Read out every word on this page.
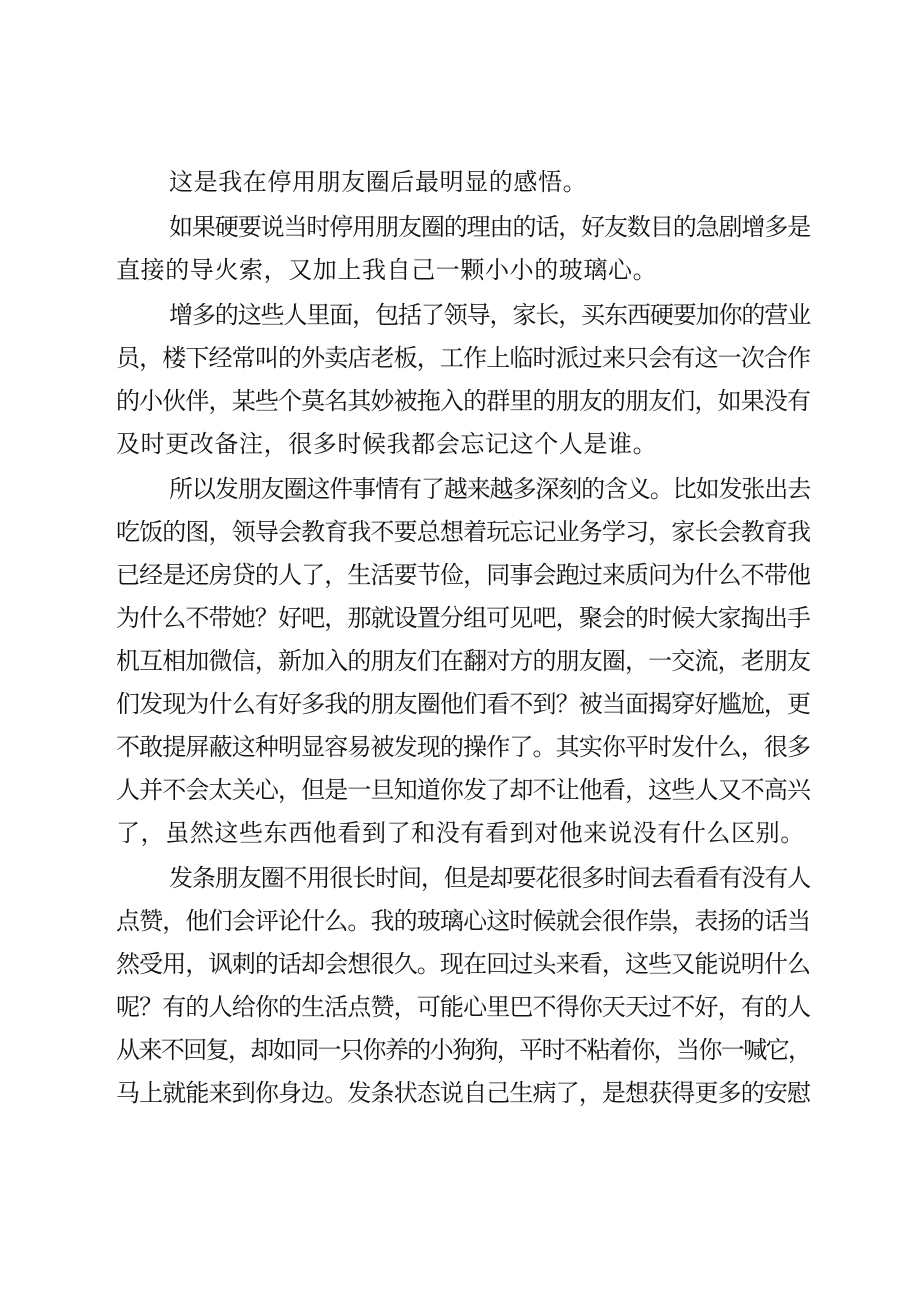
这是我在停用朋友圈后最明显的感悟。

如果硬要说当时停用朋友圈的理由的话，好友数目的急剧增多是
直接的导火索，又加上我自己一颗小小的玻璃心。

增多的这些人里面，包括了领导，家长，买东西硬要加你的营业
员，楼下经常叫的外卖店老板，工作上临时派过来只会有这一次合作
的小伙伴，某些个莫名其妙被拖入的群里的朋友的朋友们，如果没有
及时更改备注，很多时候我都会忘记这个人是谁。

所以发朋友圈这件事情有了越来越多深刻的含义。比如发张出去
吃饭的图，领导会教育我不要总想着玩忘记业务学习，家长会教育我
已经是还房贷的人了，生活要节俭，同事会跑过来质问为什么不带他
为什么不带她？好吧，那就设置分组可见吧，聚会的时候大家掏出手
机互相加微信，新加入的朋友们在翻对方的朋友圈，一交流，老朋友
们发现为什么有好多我的朋友圈他们看不到？被当面揭穿好尴尬，更
不敢提屏蔽这种明显容易被发现的操作了。其实你平时发什么，很多
人并不会太关心，但是一旦知道你发了却不让他看，这些人又不高兴
了，虽然这些东西他看到了和没有看到对他来说没有什么区别。

发条朋友圈不用很长时间，但是却要花很多时间去看看有没有人
点赞，他们会评论什么。我的玻璃心这时候就会很作祟，表扬的话当
然受用，讽刺的话却会想很久。现在回过头来看，这些又能说明什么
呢？有的人给你的生活点赞，可能心里巴不得你天天过不好，有的人
从来不回复，却如同一只你养的小狗狗，平时不粘着你，当你一喊它，
马上就能来到你身边。发条状态说自己生病了，是想获得更多的安慰
